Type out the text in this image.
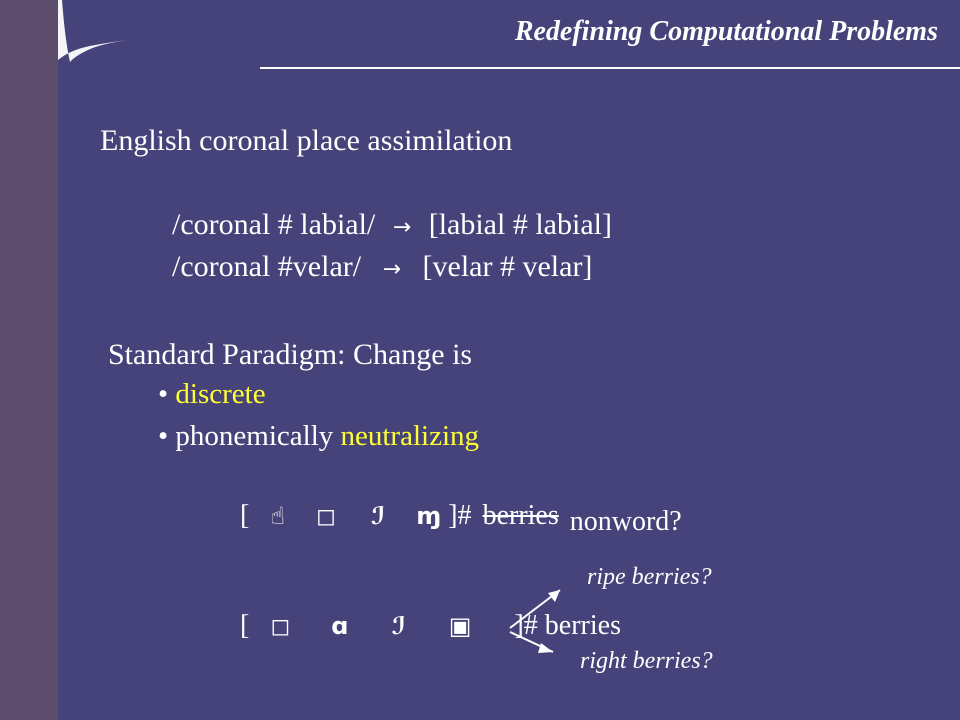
Redefining Computational Problems
English coronal place assimilation
/coronal # labial/ → [labial # labial]
/coronal #velar/ → [velar # velar]
Standard Paradigm: Change is
• discrete
• phonemically neutralizing
[ ☝ ◻ ℐ ɱ ]# berries nonword?
ripe berries?
[ ◻ ɑ ℐ ▣ ]# berries
right berries?
